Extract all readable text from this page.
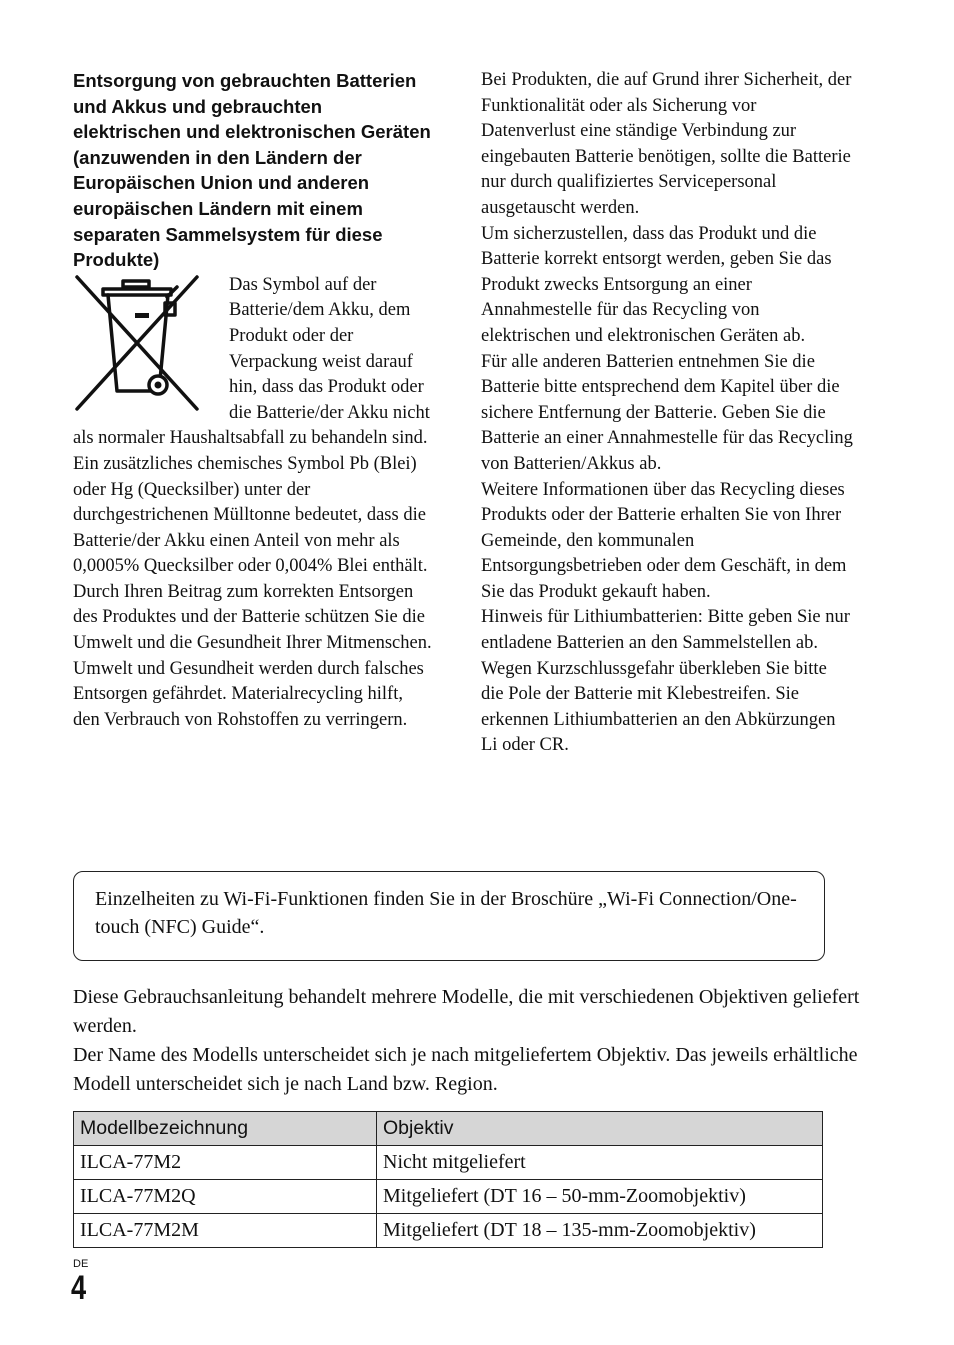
Entsorgung von gebrauchten Batterien und Akkus und gebrauchten elektrischen und elektronischen Geräten (anzuwenden in den Ländern der Europäischen Union und anderen europäischen Ländern mit einem separaten Sammelsystem für diese Produkte)

Das Symbol auf der Batterie/dem Akku, dem Produkt oder der Verpackung weist darauf hin, dass das Produkt oder die Batterie/der Akku nicht als normaler Haushaltsabfall zu behandeln sind.

Ein zusätzliches chemisches Symbol Pb (Blei) oder Hg (Quecksilber) unter der durchgestrichenen Mülltonne bedeutet, dass die Batterie/der Akku einen Anteil von mehr als 0,0005% Quecksilber oder 0,004% Blei enthält.

Durch Ihren Beitrag zum korrekten Entsorgen des Produktes und der Batterie schützen Sie die Umwelt und die Gesundheit Ihrer Mitmenschen. Umwelt und Gesundheit werden durch falsches Entsorgen gefährdet. Materialrecycling hilft, den Verbrauch von Rohstoffen zu verringern.

Bei Produkten, die auf Grund ihrer Sicherheit, der Funktionalität oder als Sicherung vor Datenverlust eine ständige Verbindung zur eingebauten Batterie benötigen, sollte die Batterie nur durch qualifiziertes Servicepersonal ausgetauscht werden.

Um sicherzustellen, dass das Produkt und die Batterie korrekt entsorgt werden, geben Sie das Produkt zwecks Entsorgung an einer Annahmestelle für das Recycling von elektrischen und elektronischen Geräten ab.

Für alle anderen Batterien entnehmen Sie die Batterie bitte entsprechend dem Kapitel über die sichere Entfernung der Batterie. Geben Sie die Batterie an einer Annahmestelle für das Recycling von Batterien/Akkus ab.

Weitere Informationen über das Recycling dieses Produkts oder der Batterie erhalten Sie von Ihrer Gemeinde, den kommunalen Entsorgungsbetrieben oder dem Geschäft, in dem Sie das Produkt gekauft haben.

Hinweis für Lithiumbatterien: Bitte geben Sie nur entladene Batterien an den Sammelstellen ab. Wegen Kurzschlussgefahr überkleben Sie bitte die Pole der Batterie mit Klebestreifen. Sie erkennen Lithiumbatterien an den Abkürzungen Li oder CR.

Einzelheiten zu Wi-Fi-Funktionen finden Sie in der Broschüre „Wi-Fi Connection/One-touch (NFC) Guide“.

Diese Gebrauchsanleitung behandelt mehrere Modelle, die mit verschiedenen Objektiven geliefert werden.

Der Name des Modells unterscheidet sich je nach mitgeliefertem Objektiv. Das jeweils erhältliche Modell unterscheidet sich je nach Land bzw. Region.

Modellbezeichnung	Objektiv
ILCA-77M2	Nicht mitgeliefert
ILCA-77M2Q	Mitgeliefert (DT 16 – 50-mm-Zoomobjektiv)
ILCA-77M2M	Mitgeliefert (DT 18 – 135-mm-Zoomobjektiv)
DE
4
